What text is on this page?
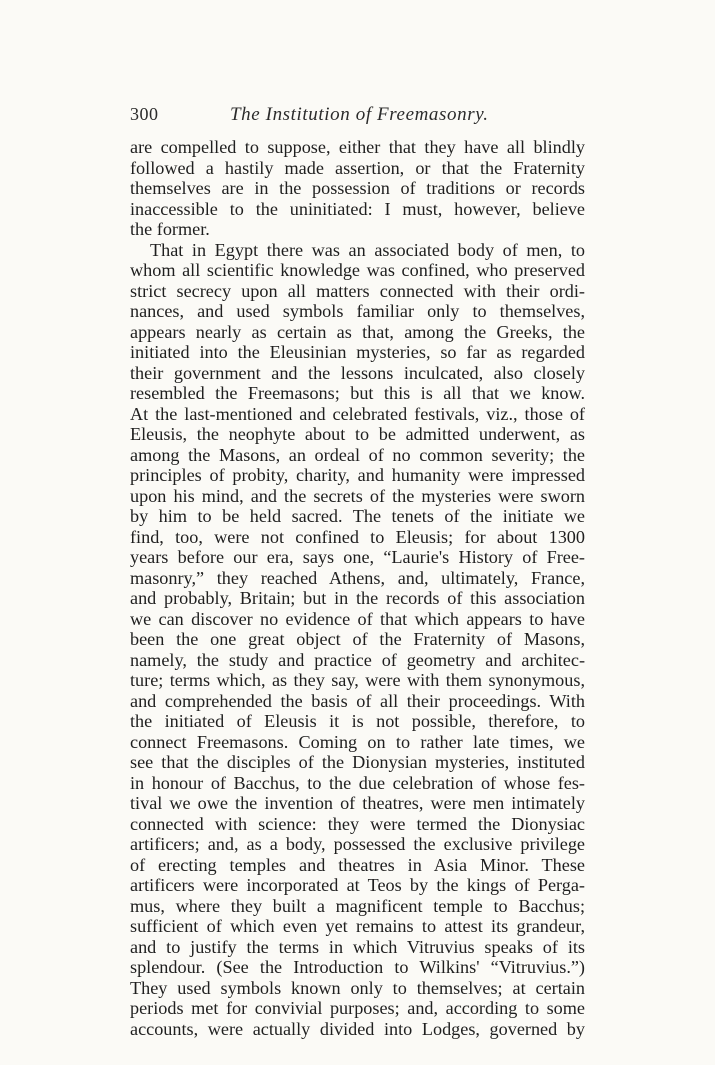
300	The Institution of Freemasonry.
are compelled to suppose, either that they have all blindly
followed a hastily made assertion, or that the Fraternity
themselves are in the possession of traditions or records
inaccessible to the uninitiated: I must, however, believe
the former.
That in Egypt there was an associated body of men, to
whom all scientific knowledge was confined, who preserved
strict secrecy upon all matters connected with their ordi-
nances, and used symbols familiar only to themselves,
appears nearly as certain as that, among the Greeks, the
initiated into the Eleusinian mysteries, so far as regarded
their government and the lessons inculcated, also closely
resembled the Freemasons; but this is all that we know.
At the last-mentioned and celebrated festivals, viz., those of
Eleusis, the neophyte about to be admitted underwent, as
among the Masons, an ordeal of no common severity; the
principles of probity, charity, and humanity were impressed
upon his mind, and the secrets of the mysteries were sworn
by him to be held sacred. The tenets of the initiate we
find, too, were not confined to Eleusis; for about 1300
years before our era, says one, “Laurie's History of Free-
masonry,” they reached Athens, and, ultimately, France,
and probably, Britain; but in the records of this association
we can discover no evidence of that which appears to have
been the one great object of the Fraternity of Masons,
namely, the study and practice of geometry and architec-
ture; terms which, as they say, were with them synonymous,
and comprehended the basis of all their proceedings. With
the initiated of Eleusis it is not possible, therefore, to
connect Freemasons. Coming on to rather late times, we
see that the disciples of the Dionysian mysteries, instituted
in honour of Bacchus, to the due celebration of whose fes-
tival we owe the invention of theatres, were men intimately
connected with science: they were termed the Dionysiac
artificers; and, as a body, possessed the exclusive privilege
of erecting temples and theatres in Asia Minor. These
artificers were incorporated at Teos by the kings of Perga-
mus, where they built a magnificent temple to Bacchus;
sufficient of which even yet remains to attest its grandeur,
and to justify the terms in which Vitruvius speaks of its
splendour. (See the Introduction to Wilkins' “Vitruvius.”)
They used symbols known only to themselves; at certain
periods met for convivial purposes; and, according to some
accounts, were actually divided into Lodges, governed by
